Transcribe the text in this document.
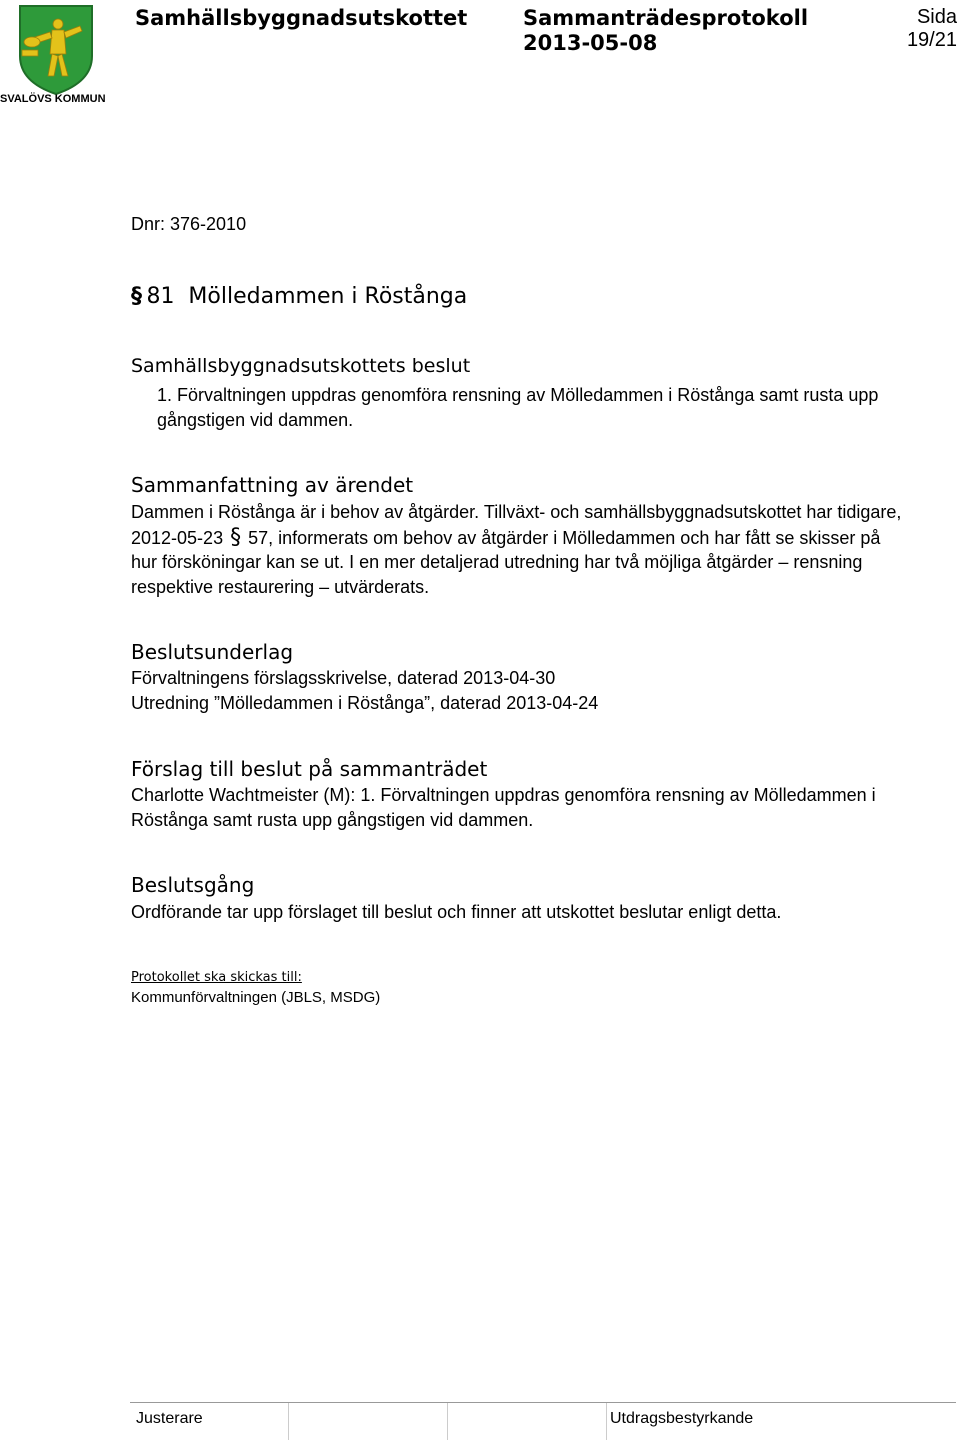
SVALÖVS KOMMUN
Samhällsbyggnadsutskottet	Sammanträdesprotokoll
2013-05-08
Sida
19/21
Dnr: 376-2010
§ 81  Mölledammen i Röstånga
Samhällsbyggnadsutskottets beslut
1. Förvaltningen uppdras genomföra rensning av Mölledammen i Röstånga samt rusta upp
gångstigen vid dammen.
Sammanfattning av ärendet
Dammen i Röstånga är i behov av åtgärder. Tillväxt- och samhällsbyggnadsutskottet har tidigare,
2012-05-23 § 57, informerats om behov av åtgärder i Mölledammen och har fått se skisser på
hur försköningar kan se ut. I en mer detaljerad utredning har två möjliga åtgärder – rensning
respektive restaurering – utvärderats.
Beslutsunderlag
Förvaltningens förslagsskrivelse, daterad 2013-04-30
Utredning ”Mölledammen i Röstånga”, daterad 2013-04-24
Förslag till beslut på sammanträdet
Charlotte Wachtmeister (M): 1. Förvaltningen uppdras genomföra rensning av Mölledammen i
Röstånga samt rusta upp gångstigen vid dammen.
Beslutsgång
Ordförande tar upp förslaget till beslut och finner att utskottet beslutar enligt detta.
Protokollet ska skickas till:
Kommunförvaltningen (JBLS, MSDG)
Justerare	Utdragsbestyrkande
